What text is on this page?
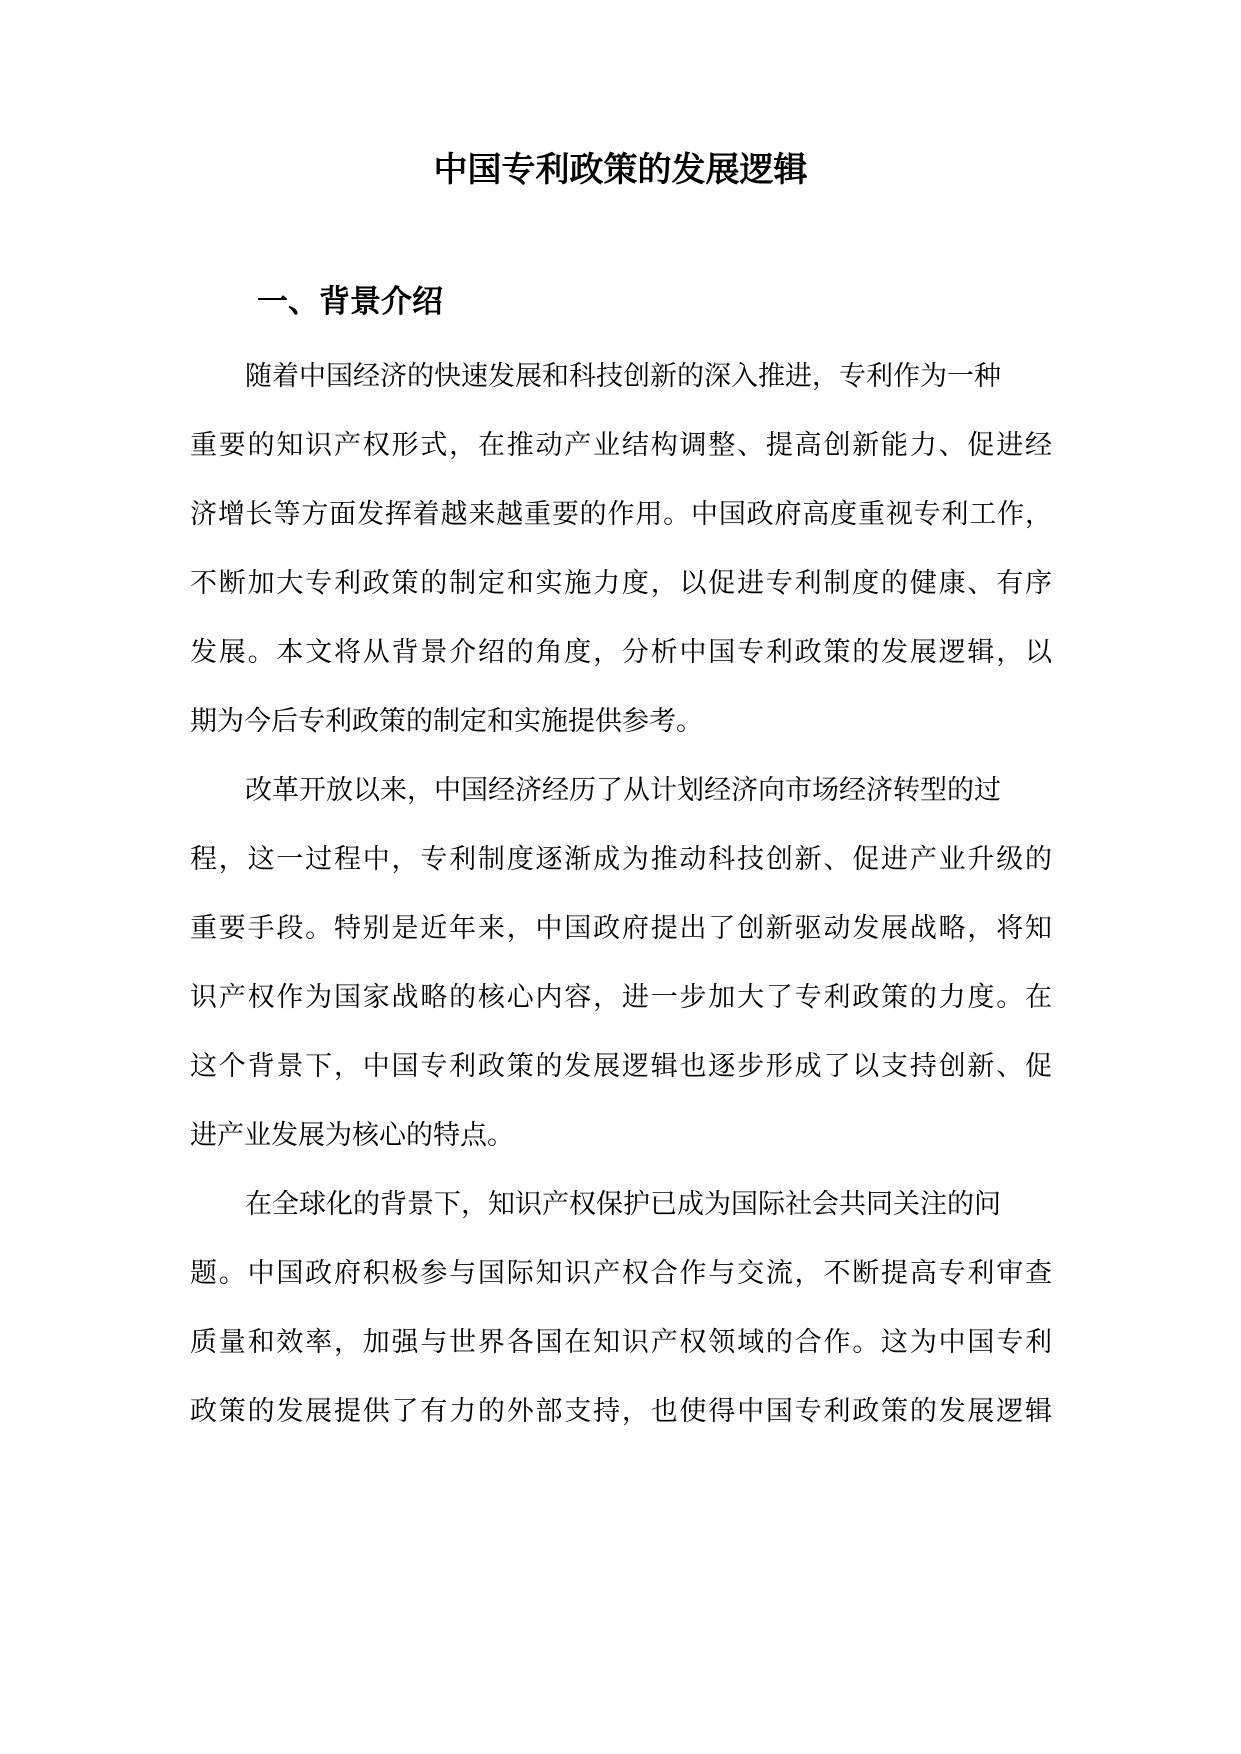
中国专利政策的发展逻辑
一、背景介绍
随着中国经济的快速发展和科技创新的深入推进，专利作为一种
重要的知识产权形式，在推动产业结构调整、提高创新能力、促进经
济增长等方面发挥着越来越重要的作用。中国政府高度重视专利工作，
不断加大专利政策的制定和实施力度，以促进专利制度的健康、有序
发展。本文将从背景介绍的角度，分析中国专利政策的发展逻辑，以
期为今后专利政策的制定和实施提供参考。
改革开放以来，中国经济经历了从计划经济向市场经济转型的过
程，这一过程中，专利制度逐渐成为推动科技创新、促进产业升级的
重要手段。特别是近年来，中国政府提出了创新驱动发展战略，将知
识产权作为国家战略的核心内容，进一步加大了专利政策的力度。在
这个背景下，中国专利政策的发展逻辑也逐步形成了以支持创新、促
进产业发展为核心的特点。
在全球化的背景下，知识产权保护已成为国际社会共同关注的问
题。中国政府积极参与国际知识产权合作与交流，不断提高专利审查
质量和效率，加强与世界各国在知识产权领域的合作。这为中国专利
政策的发展提供了有力的外部支持，也使得中国专利政策的发展逻辑
